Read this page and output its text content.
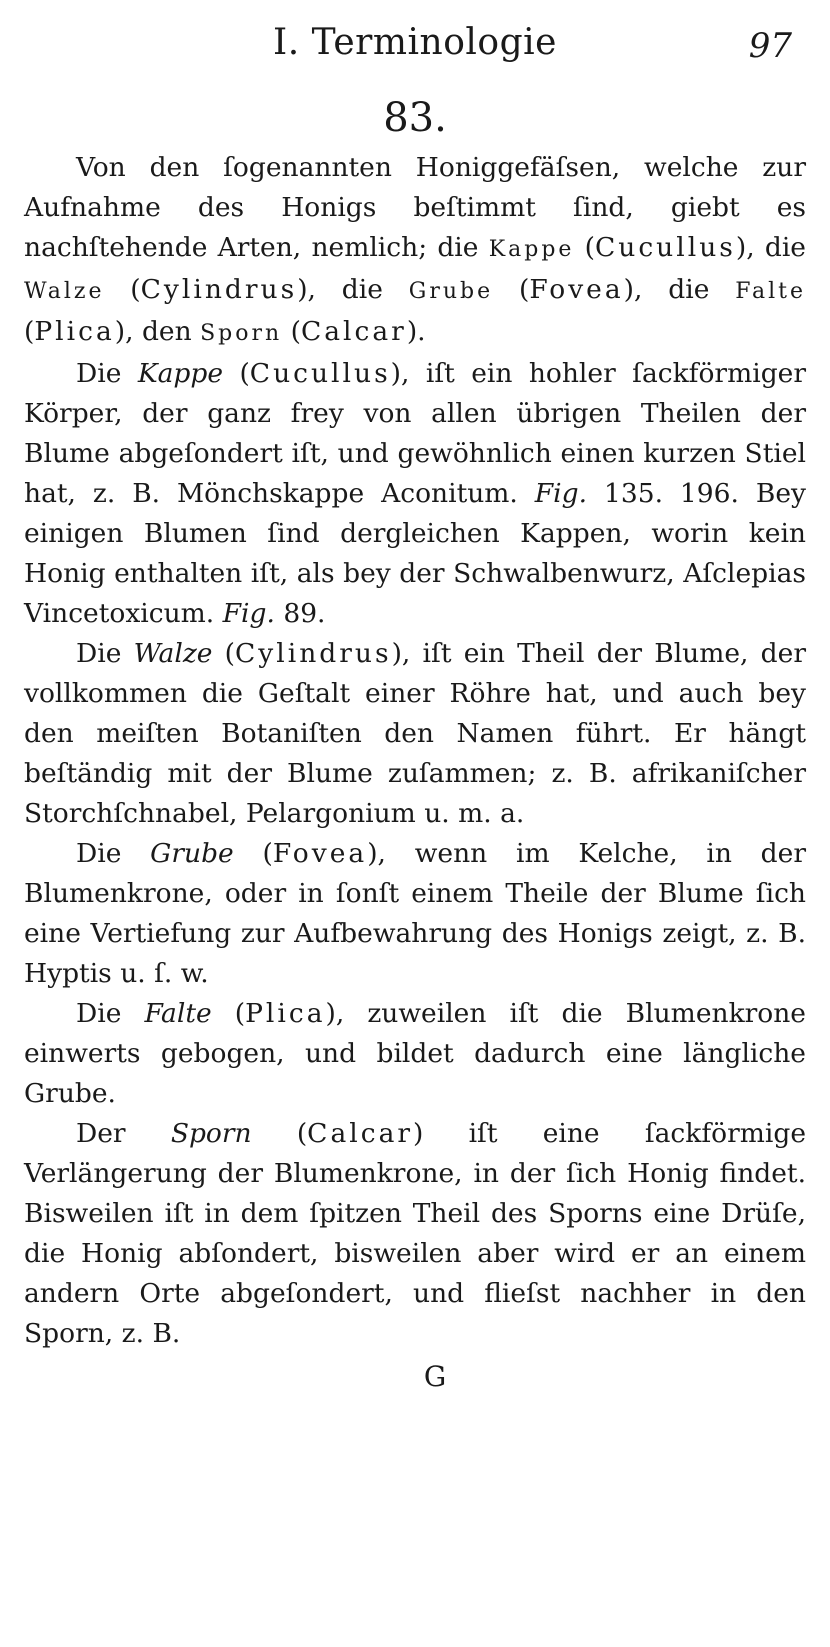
I. Terminologie	97
83.

Von den ſogenannten Honiggefäſsen, welche zur Aufnahme des Honigs beſtimmt ſind, giebt es nachſtehende Arten, nemlich; die Kappe (Cucullus), die Walze (Cylindrus), die Grube (Fovea), die Falte (Plica), den Sporn (Calcar).

Die Kappe (Cucullus), iſt ein hohler ſackförmiger Körper, der ganz frey von allen übrigen Theilen der Blume abgeſondert iſt, und gewöhnlich einen kurzen Stiel hat, z. B. Mönchskappe Aconitum. Fig. 135. 196. Bey einigen Blumen ſind dergleichen Kappen, worin kein Honig enthalten iſt, als bey der Schwalbenwurz, Aſclepias Vincetoxicum. Fig. 89.

Die Walze (Cylindrus), iſt ein Theil der Blume, der vollkommen die Geſtalt einer Röhre hat, und auch bey den meiſten Botaniſten den Namen führt. Er hängt beſtändig mit der Blume zuſammen; z. B. afrikaniſcher Storchſchnabel, Pelargonium u. m. a.

Die Grube (Fovea), wenn im Kelche, in der Blumenkrone, oder in ſonſt einem Theile der Blume ſich eine Vertiefung zur Aufbewahrung des Honigs zeigt, z. B. Hyptis u. ſ. w.

Die Falte (Plica), zuweilen iſt die Blumenkrone einwerts gebogen, und bildet dadurch eine längliche Grube.

Der Sporn (Calcar) iſt eine ſackförmige Verlängerung der Blumenkrone, in der ſich Honig findet. Bisweilen iſt in dem ſpitzen Theil des Sporns eine Drüſe, die Honig abſondert, bisweilen aber wird er an einem andern Orte abgeſondert, und flieſst nachher in den Sporn, z. B.

G
